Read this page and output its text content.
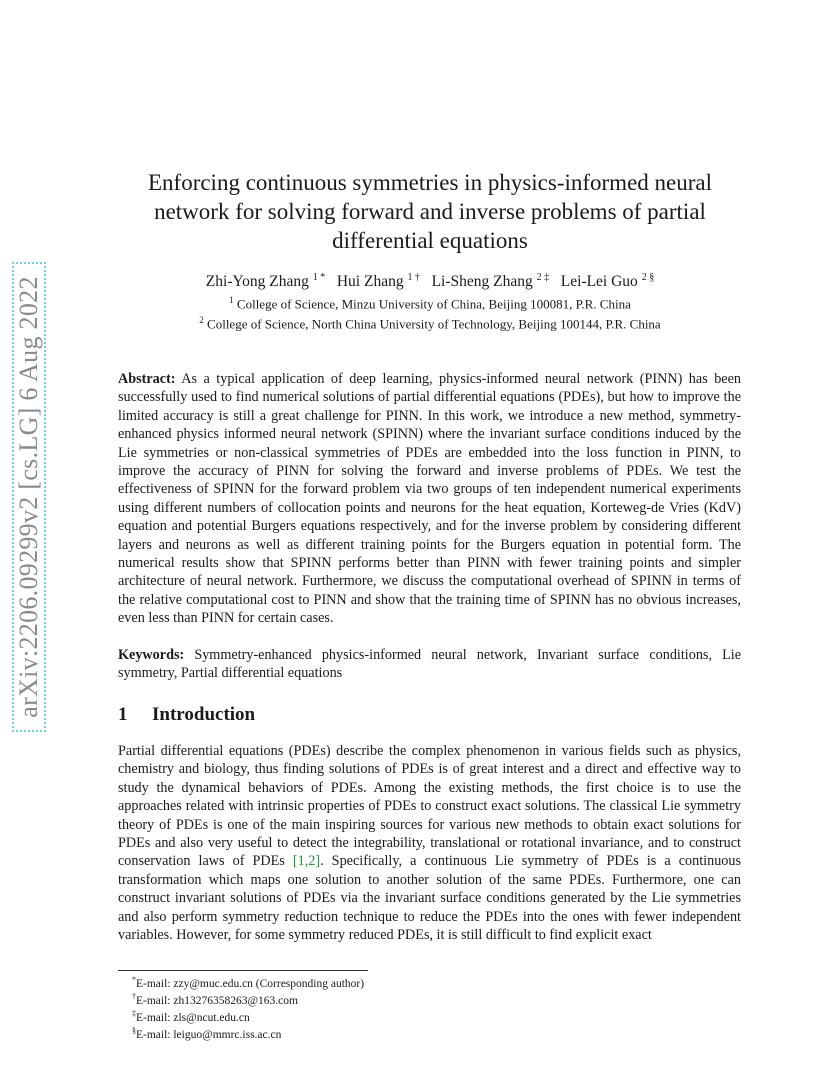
arXiv:2206.09299v2 [cs.LG] 6 Aug 2022
Enforcing continuous symmetries in physics-informed neural
network for solving forward and inverse problems of partial
differential equations
Zhi-Yong Zhang $^{1 *}$ Hui Zhang $^{1 \dagger}$ Li-Sheng Zhang $^{2 \ddagger}$ Lei-Lei Guo $^{2 \S}$
$^1$ College of Science, Minzu University of China, Beijing 100081, P.R. China
$^2$ College of Science, North China University of Technology, Beijing 100144, P.R. China
Abstract: As a typical application of deep learning, physics-informed neural network (PINN) has been successfully used to find numerical solutions of partial differential equations (PDEs), but how to improve the limited accuracy is still a great challenge for PINN. In this work, we introduce a new method, symmetry-enhanced physics informed neural network (SPINN) where the invariant surface conditions induced by the Lie symmetries or non-classical symmetries of PDEs are embedded into the loss function in PINN, to improve the accuracy of PINN for solving the forward and inverse problems of PDEs. We test the effectiveness of SPINN for the forward problem via two groups of ten independent numerical experiments using different numbers of collocation points and neurons for the heat equation, Korteweg-de Vries (KdV) equation and potential Burgers equations respectively, and for the inverse problem by considering different layers and neurons as well as different training points for the Burgers equation in potential form. The numerical results show that SPINN performs better than PINN with fewer training points and simpler architecture of neural network. Furthermore, we discuss the computational overhead of SPINN in terms of the relative computational cost to PINN and show that the training time of SPINN has no obvious increases, even less than PINN for certain cases.
Keywords: Symmetry-enhanced physics-informed neural network, Invariant surface conditions, Lie symmetry, Partial differential equations
1 Introduction
Partial differential equations (PDEs) describe the complex phenomenon in various fields such as physics, chemistry and biology, thus finding solutions of PDEs is of great interest and a direct and effective way to study the dynamical behaviors of PDEs. Among the existing methods, the first choice is to use the approaches related with intrinsic properties of PDEs to construct exact solutions. The classical Lie symmetry theory of PDEs is one of the main inspiring sources for various new methods to obtain exact solutions for PDEs and also very useful to detect the integrability, translational or rotational invariance, and to construct conservation laws of PDEs [1,2]. Specifically, a continuous Lie symmetry of PDEs is a continuous transformation which maps one solution to another solution of the same PDEs. Furthermore, one can construct invariant solutions of PDEs via the invariant surface conditions generated by the Lie symmetries and also perform symmetry reduction technique to reduce the PDEs into the ones with fewer independent variables. However, for some symmetry reduced PDEs, it is still difficult to find explicit exact
*E-mail: zzy@muc.edu.cn (Corresponding author)
†E-mail: zh13276358263@163.com
‡E-mail: zls@ncut.edu.cn
§E-mail: leiguo@mmrc.iss.ac.cn
